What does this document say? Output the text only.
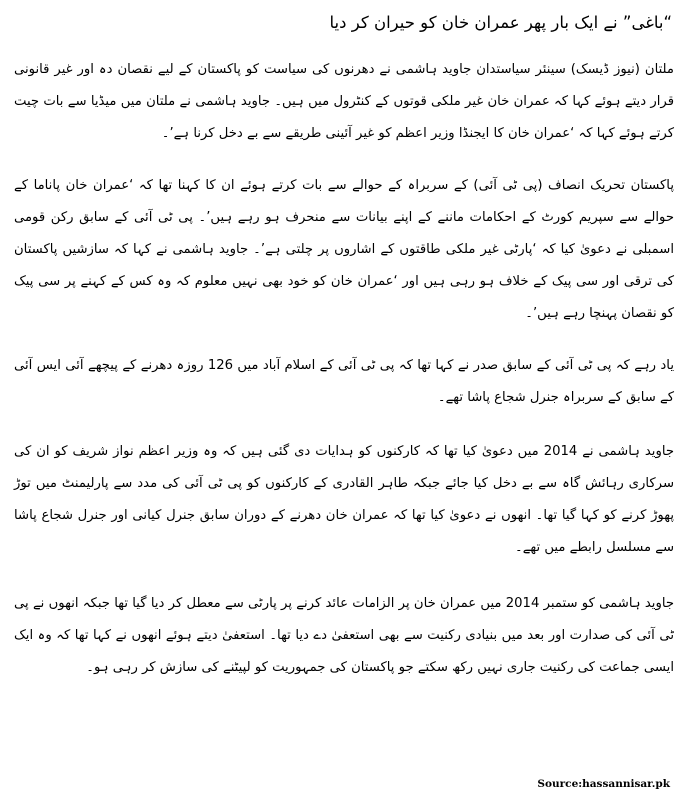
“باغی” نے ایک بار پھر عمران خان کو حیران کر دیا

ملتان (نیوز ڈیسک) سینئر سیاستدان جاوید ہاشمی نے دھرنوں کی سیاست کو پاکستان کے لیے نقصان دہ اور غیر قانونی قرار دیتے ہوئے کہا کہ عمران خان غیر ملکی قوتوں کے کنٹرول میں ہیں۔ جاوید ہاشمی نے ملتان میں میڈیا سے بات چیت کرتے ہوئے کہا کہ ‘عمران خان کا ایجنڈا وزیر اعظم کو غیر آئینی طریقے سے بے دخل کرنا ہے’۔

پاکستان تحریک انصاف (پی ٹی آئی) کے سربراہ کے حوالے سے بات کرتے ہوئے ان کا کہنا تھا کہ ‘عمران خان پاناما کے حوالے سے سپریم کورٹ کے احکامات ماننے کے اپنے بیانات سے منحرف ہو رہے ہیں’۔ پی ٹی آئی کے سابق رکن قومی اسمبلی نے دعویٰ کیا کہ ‘پارٹی غیر ملکی طاقتوں کے اشاروں پر چلتی ہے’۔ جاوید ہاشمی نے کہا کہ سازشیں پاکستان کی ترقی اور سی پیک کے خلاف ہو رہی ہیں اور ‘عمران خان کو خود بھی نہیں معلوم کہ وہ کس کے کہنے پر سی پیک کو نقصان پہنچا رہے ہیں’۔

یاد رہے کہ پی ٹی آئی کے سابق صدر نے کہا تھا کہ پی ٹی آئی کے اسلام آباد میں 126 روزہ دھرنے کے پیچھے آئی ایس آئی کے سابق کے سربراہ جنرل شجاع پاشا تھے۔

جاوید ہاشمی نے 2014 میں دعویٰ کیا تھا کہ کارکنوں کو ہدایات دی گئی ہیں کہ وہ وزیر اعظم نواز شریف کو ان کی سرکاری رہائش گاہ سے بے دخل کیا جائے جبکہ طاہر القادری کے کارکنوں کو پی ٹی آئی کی مدد سے پارلیمنٹ میں توڑ پھوڑ کرنے کو کہا گیا تھا۔ انھوں نے دعویٰ کیا تھا کہ عمران خان دھرنے کے دوران سابق جنرل کیانی اور جنرل شجاع پاشا سے مسلسل رابطے میں تھے۔

جاوید ہاشمی کو ستمبر 2014 میں عمران خان پر الزامات عائد کرنے پر پارٹی سے معطل کر دیا گیا تھا جبکہ انھوں نے پی ٹی آئی کی صدارت اور بعد میں بنیادی رکنیت سے بھی استعفیٰ دے دیا تھا۔ استعفیٰ دیتے ہوئے انھوں نے کہا تھا کہ وہ ایک ایسی جماعت کی رکنیت جاری نہیں رکھ سکتے جو پاکستان کی جمہوریت کو لپیٹنے کی سازش کر رہی ہو۔

Source:hassannisar.pk
